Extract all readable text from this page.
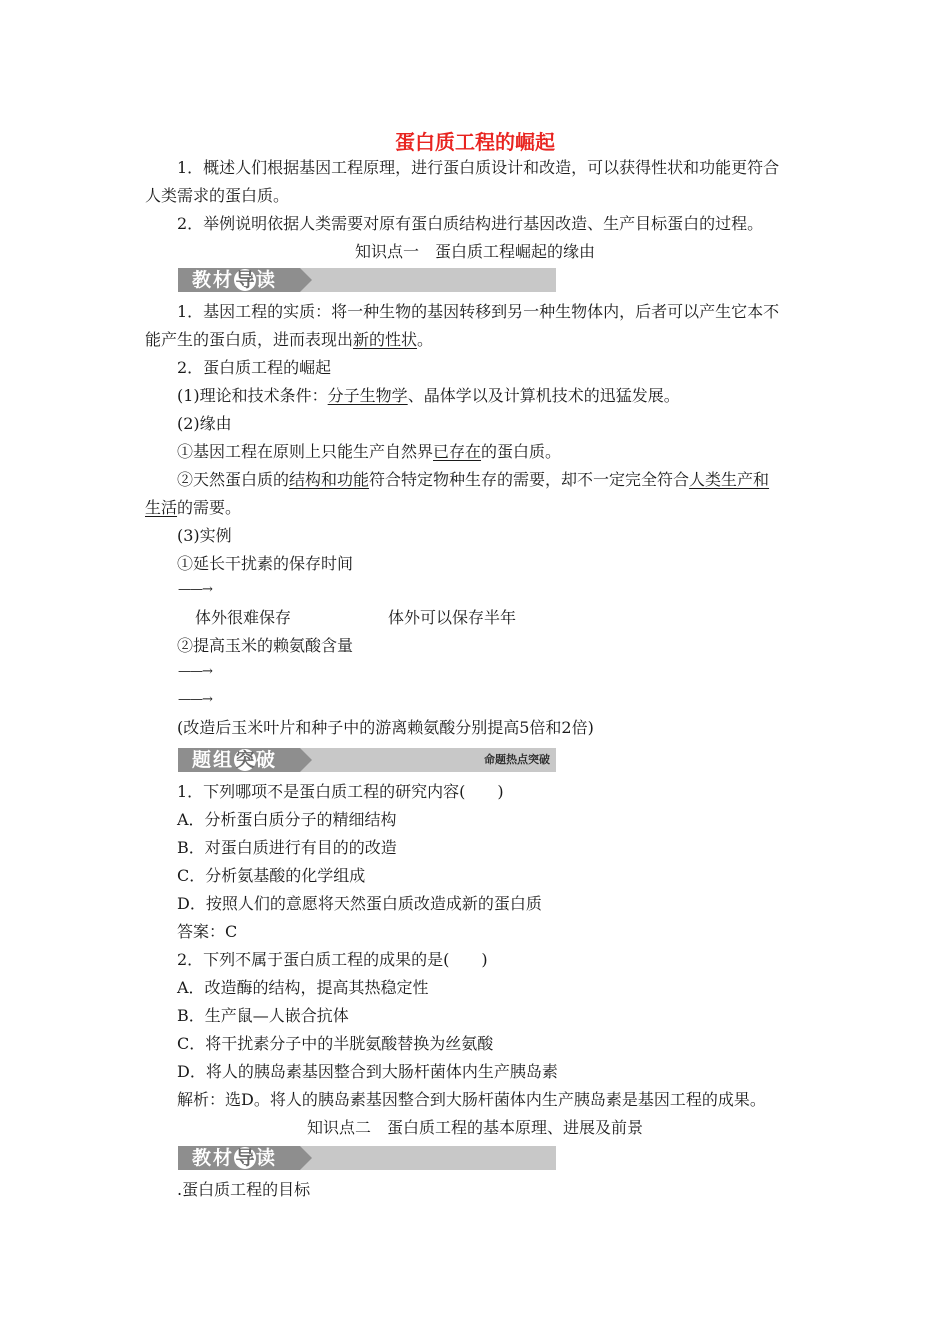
蛋白质工程的崛起
1．概述人们根据基因工程原理，进行蛋白质设计和改造，可以获得性状和功能更符合
人类需求的蛋白质。
2．举例说明依据人类需要对原有蛋白质结构进行基因改造、生产目标蛋白的过程。
知识点一　蛋白质工程崛起的缘由
教材导读
1．基因工程的实质：将一种生物的基因转移到另一种生物体内，后者可以产生它本不
能产生的蛋白质，进而表现出新的性状。
2．蛋白质工程的崛起
(1)理论和技术条件：分子生物学、晶体学以及计算机技术的迅猛发展。
(2)缘由
①基因工程在原则上只能生产自然界已存在的蛋白质。
②天然蛋白质的结构和功能符合特定物种生存的需要，却不一定完全符合人类生产和
生活的需要。
(3)实例
①延长干扰素的保存时间
——→
体外很难保存	体外可以保存半年
②提高玉米的赖氨酸含量
——→
——→
(改造后玉米叶片和种子中的游离赖氨酸分别提高5倍和2倍)
题组突破	命题热点突破
1．下列哪项不是蛋白质工程的研究内容(　　)
A．分析蛋白质分子的精细结构
B．对蛋白质进行有目的的改造
C．分析氨基酸的化学组成
D．按照人们的意愿将天然蛋白质改造成新的蛋白质
答案：C
2．下列不属于蛋白质工程的成果的是(　　)
A．改造酶的结构，提高其热稳定性
B．生产鼠—人嵌合抗体
C．将干扰素分子中的半胱氨酸替换为丝氨酸
D．将人的胰岛素基因整合到大肠杆菌体内生产胰岛素
解析：选D。将人的胰岛素基因整合到大肠杆菌体内生产胰岛素是基因工程的成果。
知识点二　蛋白质工程的基本原理、进展及前景
教材导读
.蛋白质工程的目标
